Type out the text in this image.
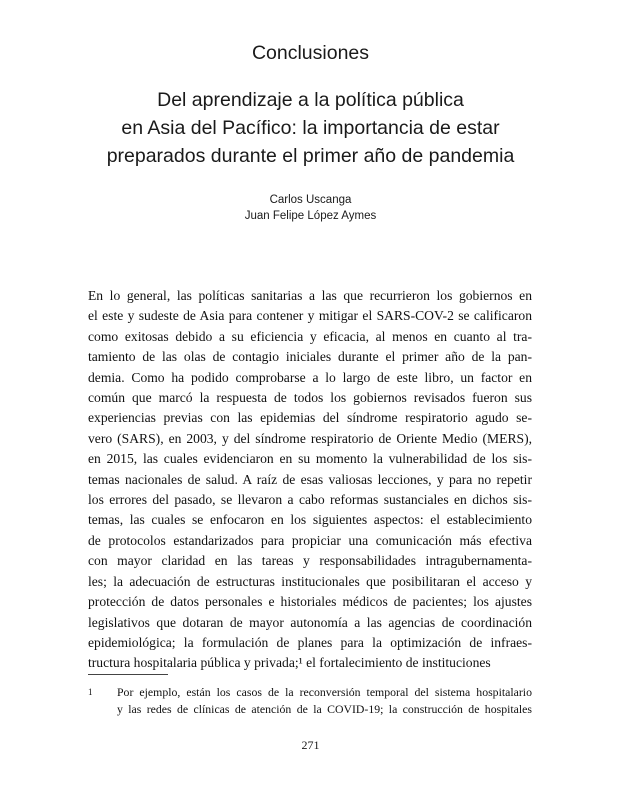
Conclusiones
Del aprendizaje a la política pública
en Asia del Pacífico: la importancia de estar
preparados durante el primer año de pandemia
Carlos Uscanga
Juan Felipe López Aymes
En lo general, las políticas sanitarias a las que recurrieron los gobiernos en
el este y sudeste de Asia para contener y mitigar el SARS-COV-2 se calificaron
como exitosas debido a su eficiencia y eficacia, al menos en cuanto al tra-
tamiento de las olas de contagio iniciales durante el primer año de la pan-
demia. Como ha podido comprobarse a lo largo de este libro, un factor en
común que marcó la respuesta de todos los gobiernos revisados fueron sus
experiencias previas con las epidemias del síndrome respiratorio agudo se-
vero (SARS), en 2003, y del síndrome respiratorio de Oriente Medio (MERS),
en 2015, las cuales evidenciaron en su momento la vulnerabilidad de los sis-
temas nacionales de salud. A raíz de esas valiosas lecciones, y para no repetir
los errores del pasado, se llevaron a cabo reformas sustanciales en dichos sis-
temas, las cuales se enfocaron en los siguientes aspectos: el establecimiento
de protocolos estandarizados para propiciar una comunicación más efectiva
con mayor claridad en las tareas y responsabilidades intragubernamenta-
les; la adecuación de estructuras institucionales que posibilitaran el acceso y
protección de datos personales e historiales médicos de pacientes; los ajustes
legislativos que dotaran de mayor autonomía a las agencias de coordinación
epidemiológica; la formulación de planes para la optimización de infraes-
tructura hospitalaria pública y privada;¹ el fortalecimiento de instituciones
1 Por ejemplo, están los casos de la reconversión temporal del sistema hospitalario
y las redes de clínicas de atención de la COVID-19; la construcción de hospitales
271
